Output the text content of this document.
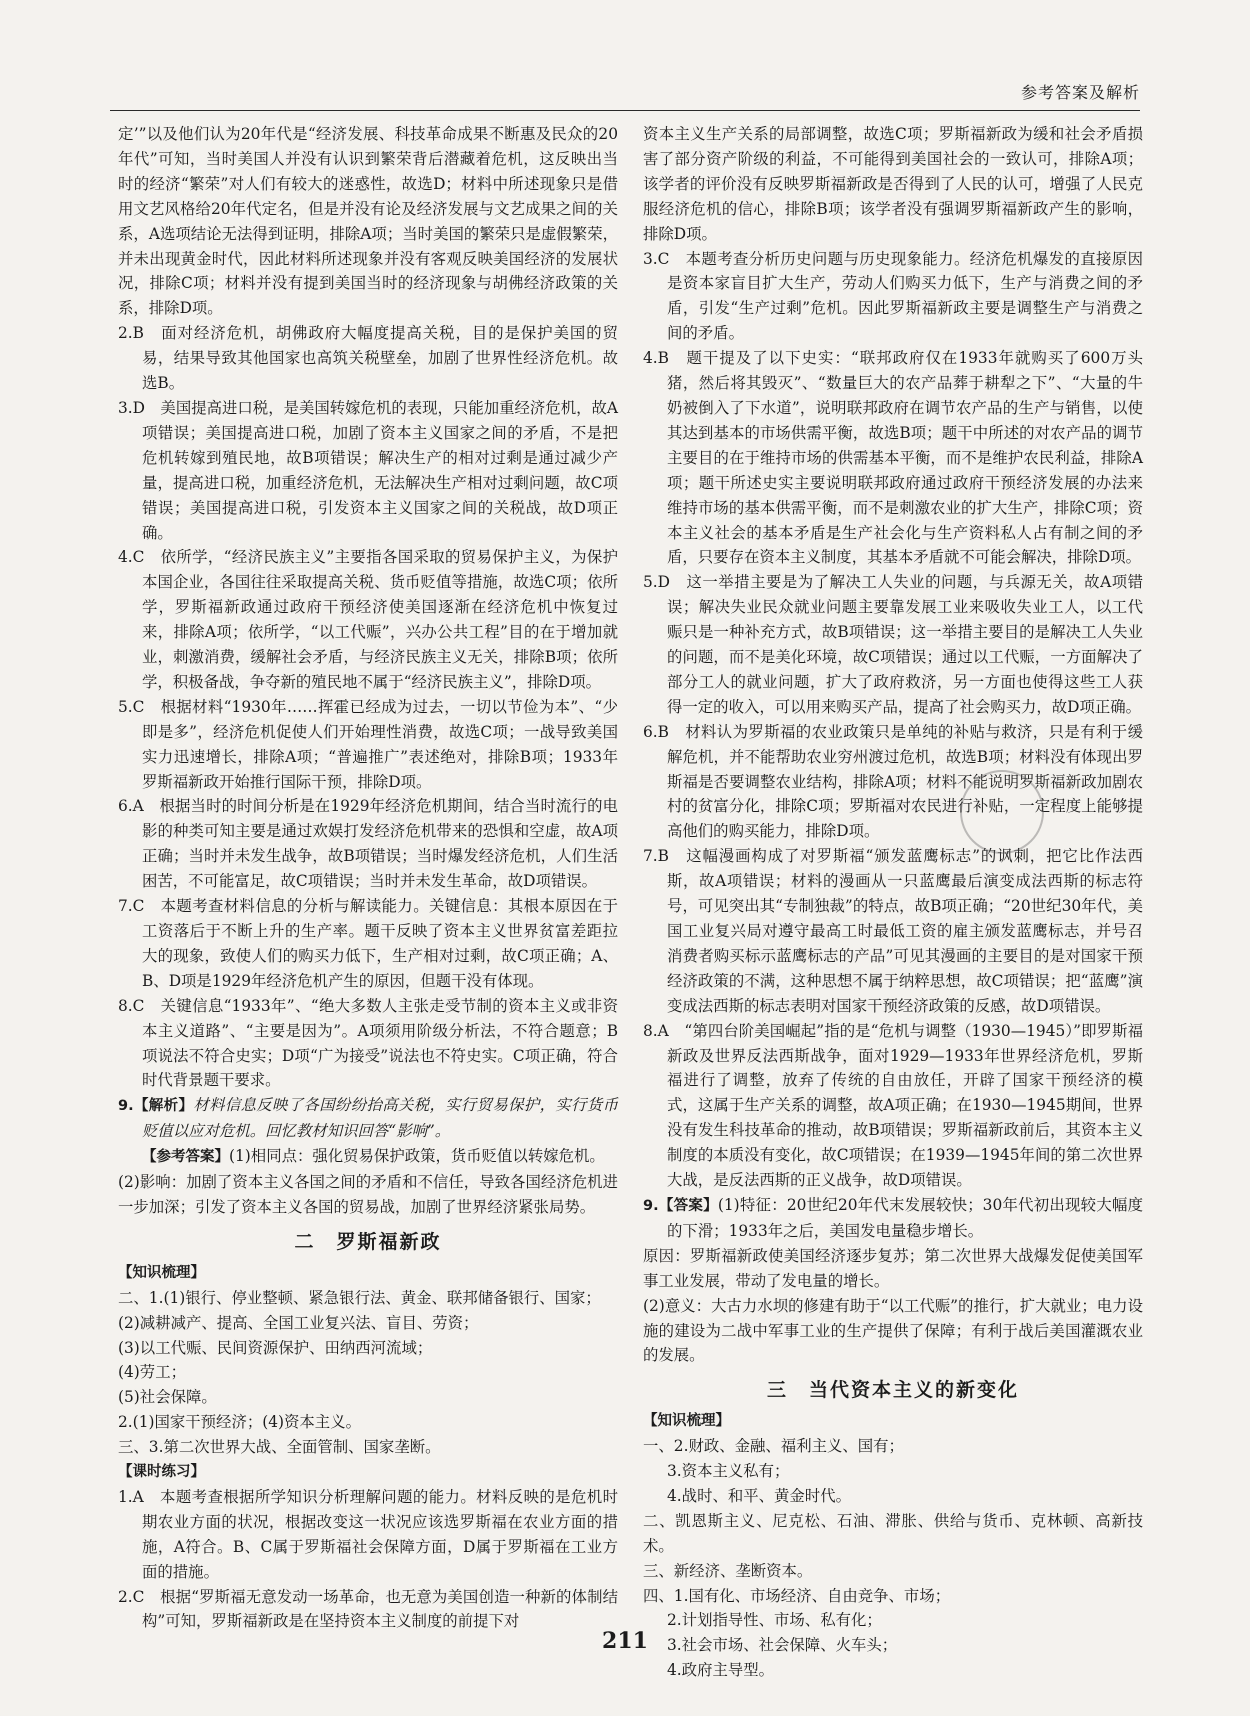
参考答案及解析

定’”以及他们认为20年代是“经济发展、科技革命成果不断惠及民众的20年代”可知，当时美国人并没有认识到繁荣背后潜藏着危机，这反映出当时的经济“繁荣”对人们有较大的迷惑性，故选D；材料中所述现象只是借用文艺风格给20年代定名，但是并没有论及经济发展与文艺成果之间的关系，A选项结论无法得到证明，排除A项；当时美国的繁荣只是虚假繁荣，并未出现黄金时代，因此材料所述现象并没有客观反映美国经济的发展状况，排除C项；材料并没有提到美国当时的经济现象与胡佛经济政策的关系，排除D项。

2.B　面对经济危机，胡佛政府大幅度提高关税，目的是保护美国的贸易，结果导致其他国家也高筑关税壁垒，加剧了世界性经济危机。故选B。

3.D　美国提高进口税，是美国转嫁危机的表现，只能加重经济危机，故A项错误；美国提高进口税，加剧了资本主义国家之间的矛盾，不是把危机转嫁到殖民地，故B项错误；解决生产的相对过剩是通过减少产量，提高进口税，加重经济危机，无法解决生产相对过剩问题，故C项错误；美国提高进口税，引发资本主义国家之间的关税战，故D项正确。

4.C　依所学，“经济民族主义”主要指各国采取的贸易保护主义，为保护本国企业，各国往往采取提高关税、货币贬值等措施，故选C项；依所学，罗斯福新政通过政府干预经济使美国逐渐在经济危机中恢复过来，排除A项；依所学，“以工代赈”，兴办公共工程”目的在于增加就业，刺激消费，缓解社会矛盾，与经济民族主义无关，排除B项；依所学，积极备战，争夺新的殖民地不属于“经济民族主义”，排除D项。

5.C　根据材料“1930年……挥霍已经成为过去，一切以节俭为本”、“少即是多”，经济危机促使人们开始理性消费，故选C项；一战导致美国实力迅速增长，排除A项；“普遍推广”表述绝对，排除B项；1933年罗斯福新政开始推行国际干预，排除D项。

6.A　根据当时的时间分析是在1929年经济危机期间，结合当时流行的电影的种类可知主要是通过欢娱打发经济危机带来的恐惧和空虚，故A项正确；当时并未发生战争，故B项错误；当时爆发经济危机，人们生活困苦，不可能富足，故C项错误；当时并未发生革命，故D项错误。

7.C　本题考查材料信息的分析与解读能力。关键信息：其根本原因在于工资落后于不断上升的生产率。题干反映了资本主义世界贫富差距拉大的现象，致使人们的购买力低下，生产相对过剩，故C项正确；A、B、D项是1929年经济危机产生的原因，但题干没有体现。

8.C　关键信息“1933年”、“绝大多数人主张走受节制的资本主义或非资本主义道路”、“主要是因为”。A项须用阶级分析法，不符合题意；B项说法不符合史实；D项“广为接受”说法也不符史实。C项正确，符合时代背景题干要求。

9.【解析】材料信息反映了各国纷纷抬高关税，实行贸易保护，实行货币贬值以应对危机。回忆教材知识回答“影响”。

【参考答案】(1)相同点：强化贸易保护政策，货币贬值以转嫁危机。

(2)影响：加剧了资本主义各国之间的矛盾和不信任，导致各国经济危机进一步加深；引发了资本主义各国的贸易战，加剧了世界经济紧张局势。

二　罗斯福新政

【知识梳理】

二、1.(1)银行、停业整顿、紧急银行法、黄金、联邦储备银行、国家；

(2)减耕减产、提高、全国工业复兴法、盲目、劳资；

(3)以工代赈、民间资源保护、田纳西河流域；

(4)劳工；

(5)社会保障。

2.(1)国家干预经济；(4)资本主义。

三、3.第二次世界大战、全面管制、国家垄断。

【课时练习】

1.A　本题考查根据所学知识分析理解问题的能力。材料反映的是危机时期农业方面的状况，根据改变这一状况应该选罗斯福在农业方面的措施，A符合。B、C属于罗斯福社会保障方面，D属于罗斯福在工业方面的措施。

2.C　根据“罗斯福无意发动一场革命，也无意为美国创造一种新的体制结构”可知，罗斯福新政是在坚持资本主义制度的前提下对

资本主义生产关系的局部调整，故选C项；罗斯福新政为缓和社会矛盾损害了部分资产阶级的利益，不可能得到美国社会的一致认可，排除A项；该学者的评价没有反映罗斯福新政是否得到了人民的认可，增强了人民克服经济危机的信心，排除B项；该学者没有强调罗斯福新政产生的影响，排除D项。

3.C　本题考查分析历史问题与历史现象能力。经济危机爆发的直接原因是资本家盲目扩大生产，劳动人们购买力低下，生产与消费之间的矛盾，引发“生产过剩”危机。因此罗斯福新政主要是调整生产与消费之间的矛盾。

4.B　题干提及了以下史实：“联邦政府仅在1933年就购买了600万头猪，然后将其毁灭”、“数量巨大的农产品葬于耕犁之下”、“大量的牛奶被倒入了下水道”，说明联邦政府在调节农产品的生产与销售，以使其达到基本的市场供需平衡，故选B项；题干中所述的对农产品的调节主要目的在于维持市场的供需基本平衡，而不是维护农民利益，排除A项；题干所述史实主要说明联邦政府通过政府干预经济发展的办法来维持市场的基本供需平衡，而不是刺激农业的扩大生产，排除C项；资本主义社会的基本矛盾是生产社会化与生产资料私人占有制之间的矛盾，只要存在资本主义制度，其基本矛盾就不可能会解决，排除D项。

5.D　这一举措主要是为了解决工人失业的问题，与兵源无关，故A项错误；解决失业民众就业问题主要靠发展工业来吸收失业工人，以工代赈只是一种补充方式，故B项错误；这一举措主要目的是解决工人失业的问题，而不是美化环境，故C项错误；通过以工代赈，一方面解决了部分工人的就业问题，扩大了政府救济，另一方面也使得这些工人获得一定的收入，可以用来购买产品，提高了社会购买力，故D项正确。

6.B　材料认为罗斯福的农业政策只是单纯的补贴与救济，只是有利于缓解危机，并不能帮助农业穷州渡过危机，故选B项；材料没有体现出罗斯福是否要调整农业结构，排除A项；材料不能说明罗斯福新政加剧农村的贫富分化，排除C项；罗斯福对农民进行补贴，一定程度上能够提高他们的购买能力，排除D项。

7.B　这幅漫画构成了对罗斯福“颁发蓝鹰标志”的讽刺，把它比作法西斯，故A项错误；材料的漫画从一只蓝鹰最后演变成法西斯的标志符号，可见突出其“专制独裁”的特点，故B项正确；“20世纪30年代，美国工业复兴局对遵守最高工时最低工资的雇主颁发蓝鹰标志，并号召消费者购买标示蓝鹰标志的产品”可见其漫画的主要目的是对国家干预经济政策的不满，这种思想不属于纳粹思想，故C项错误；把“蓝鹰”演变成法西斯的标志表明对国家干预经济政策的反感，故D项错误。

8.A　“第四台阶美国崛起”指的是“危机与调整（1930—1945）”即罗斯福新政及世界反法西斯战争，面对1929—1933年世界经济危机，罗斯福进行了调整，放弃了传统的自由放任，开辟了国家干预经济的模式，这属于生产关系的调整，故A项正确；在1930—1945期间，世界没有发生科技革命的推动，故B项错误；罗斯福新政前后，其资本主义制度的本质没有变化，故C项错误；在1939—1945年间的第二次世界大战，是反法西斯的正义战争，故D项错误。

9.【答案】(1)特征：20世纪20年代末发展较快；30年代初出现较大幅度的下滑；1933年之后，美国发电量稳步增长。

原因：罗斯福新政使美国经济逐步复苏；第二次世界大战爆发促使美国军事工业发展，带动了发电量的增长。

(2)意义：大古力水坝的修建有助于“以工代赈”的推行，扩大就业；电力设施的建设为二战中军事工业的生产提供了保障；有利于战后美国灌溉农业的发展。

三　当代资本主义的新变化

【知识梳理】

一、2.财政、金融、福利主义、国有；

3.资本主义私有；

4.战时、和平、黄金时代。

二、凯恩斯主义、尼克松、石油、滞胀、供给与货币、克林顿、高新技术。

三、新经济、垄断资本。

四、1.国有化、市场经济、自由竞争、市场；

2.计划指导性、市场、私有化；

3.社会市场、社会保障、火车头；

4.政府主导型。

211
